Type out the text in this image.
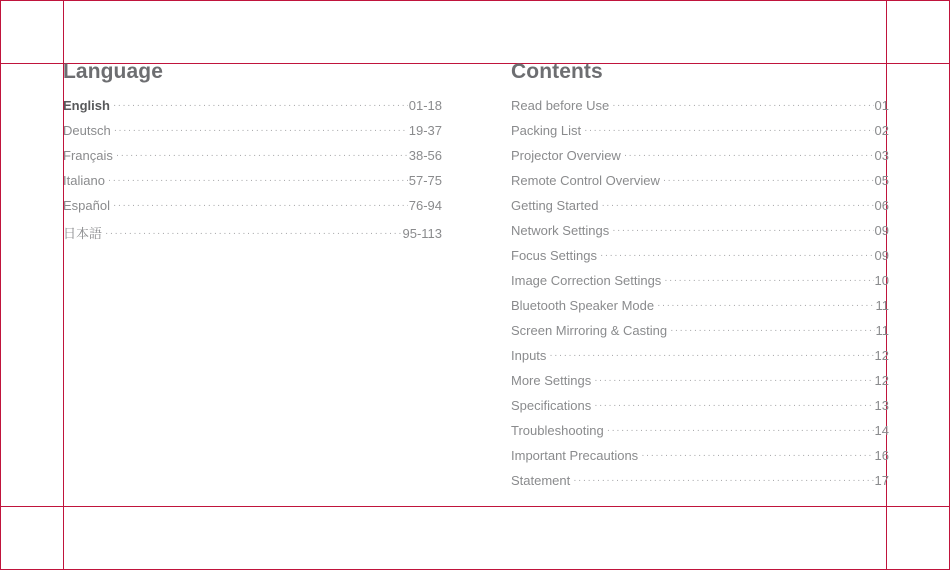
Language
English ·····	01-18
Deutsch ·····	19-37
Français ·····	38-56
Italiano ·····	57-75
Español ·····	76-94
日本語 ·····	95-113
Contents
Read before Use ·····	01
Packing List ·····	02
Projector Overview ·····	03
Remote Control Overview ·····	05
Getting Started ·····	06
Network Settings ·····	09
Focus Settings ·····	09
Image Correction Settings ·····	10
Bluetooth Speaker Mode ·····	11
Screen Mirroring & Casting ·····	11
Inputs ·····	12
More Settings ·····	12
Specifications ·····	13
Troubleshooting ·····	14
Important Precautions ·····	16
Statement ·····	17
